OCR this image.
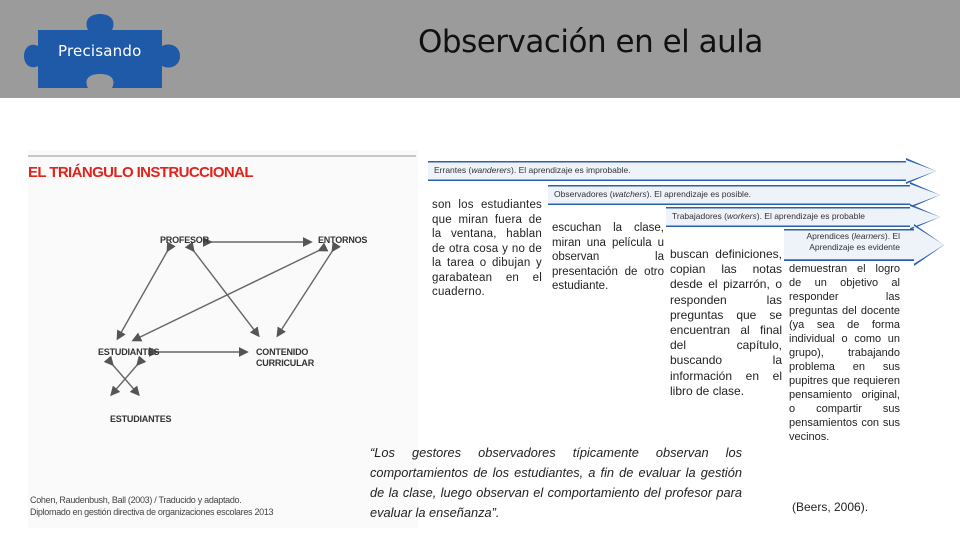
Precisando	Observación en el aula
EL TRIÁNGULO INSTRUCCIONAL
PROFESOR	ENTORNOS
ESTUDIANTES	CONTENIDO
CURRICULAR
ESTUDIANTES
Cohen, Raudenbush, Ball (2003) / Traducido y adaptado.
Diplomado en gestión directiva de organizaciones escolares 2013
Errantes (wanderers). El aprendizaje es improbable.
Observadores (watchers). El aprendizaje es posible.
Trabajadores (workers). El aprendizaje es probable
Aprendices (learners). El
Aprendizaje es evidente
son los estudiantes que miran fuera de la ventana, hablan de otra cosa y no de la tarea o dibujan y garabatean en el cuaderno.
escuchan la clase, miran una película u observan la presentación de otro estudiante.
buscan definiciones, copian las notas desde el pizarrón, o responden las preguntas que se encuentran al final del capítulo, buscando la información en el libro de clase.
demuestran el logro de un objetivo al responder las preguntas del docente (ya sea de forma individual o como un grupo), trabajando problema en sus pupitres que requieren pensamiento original, o compartir sus pensamientos con sus vecinos.
“Los gestores observadores típicamente observan los comportamientos de los estudiantes, a fin de evaluar la gestión de la clase, luego observan el comportamiento del profesor para evaluar la enseñanza”.	(Beers, 2006).
